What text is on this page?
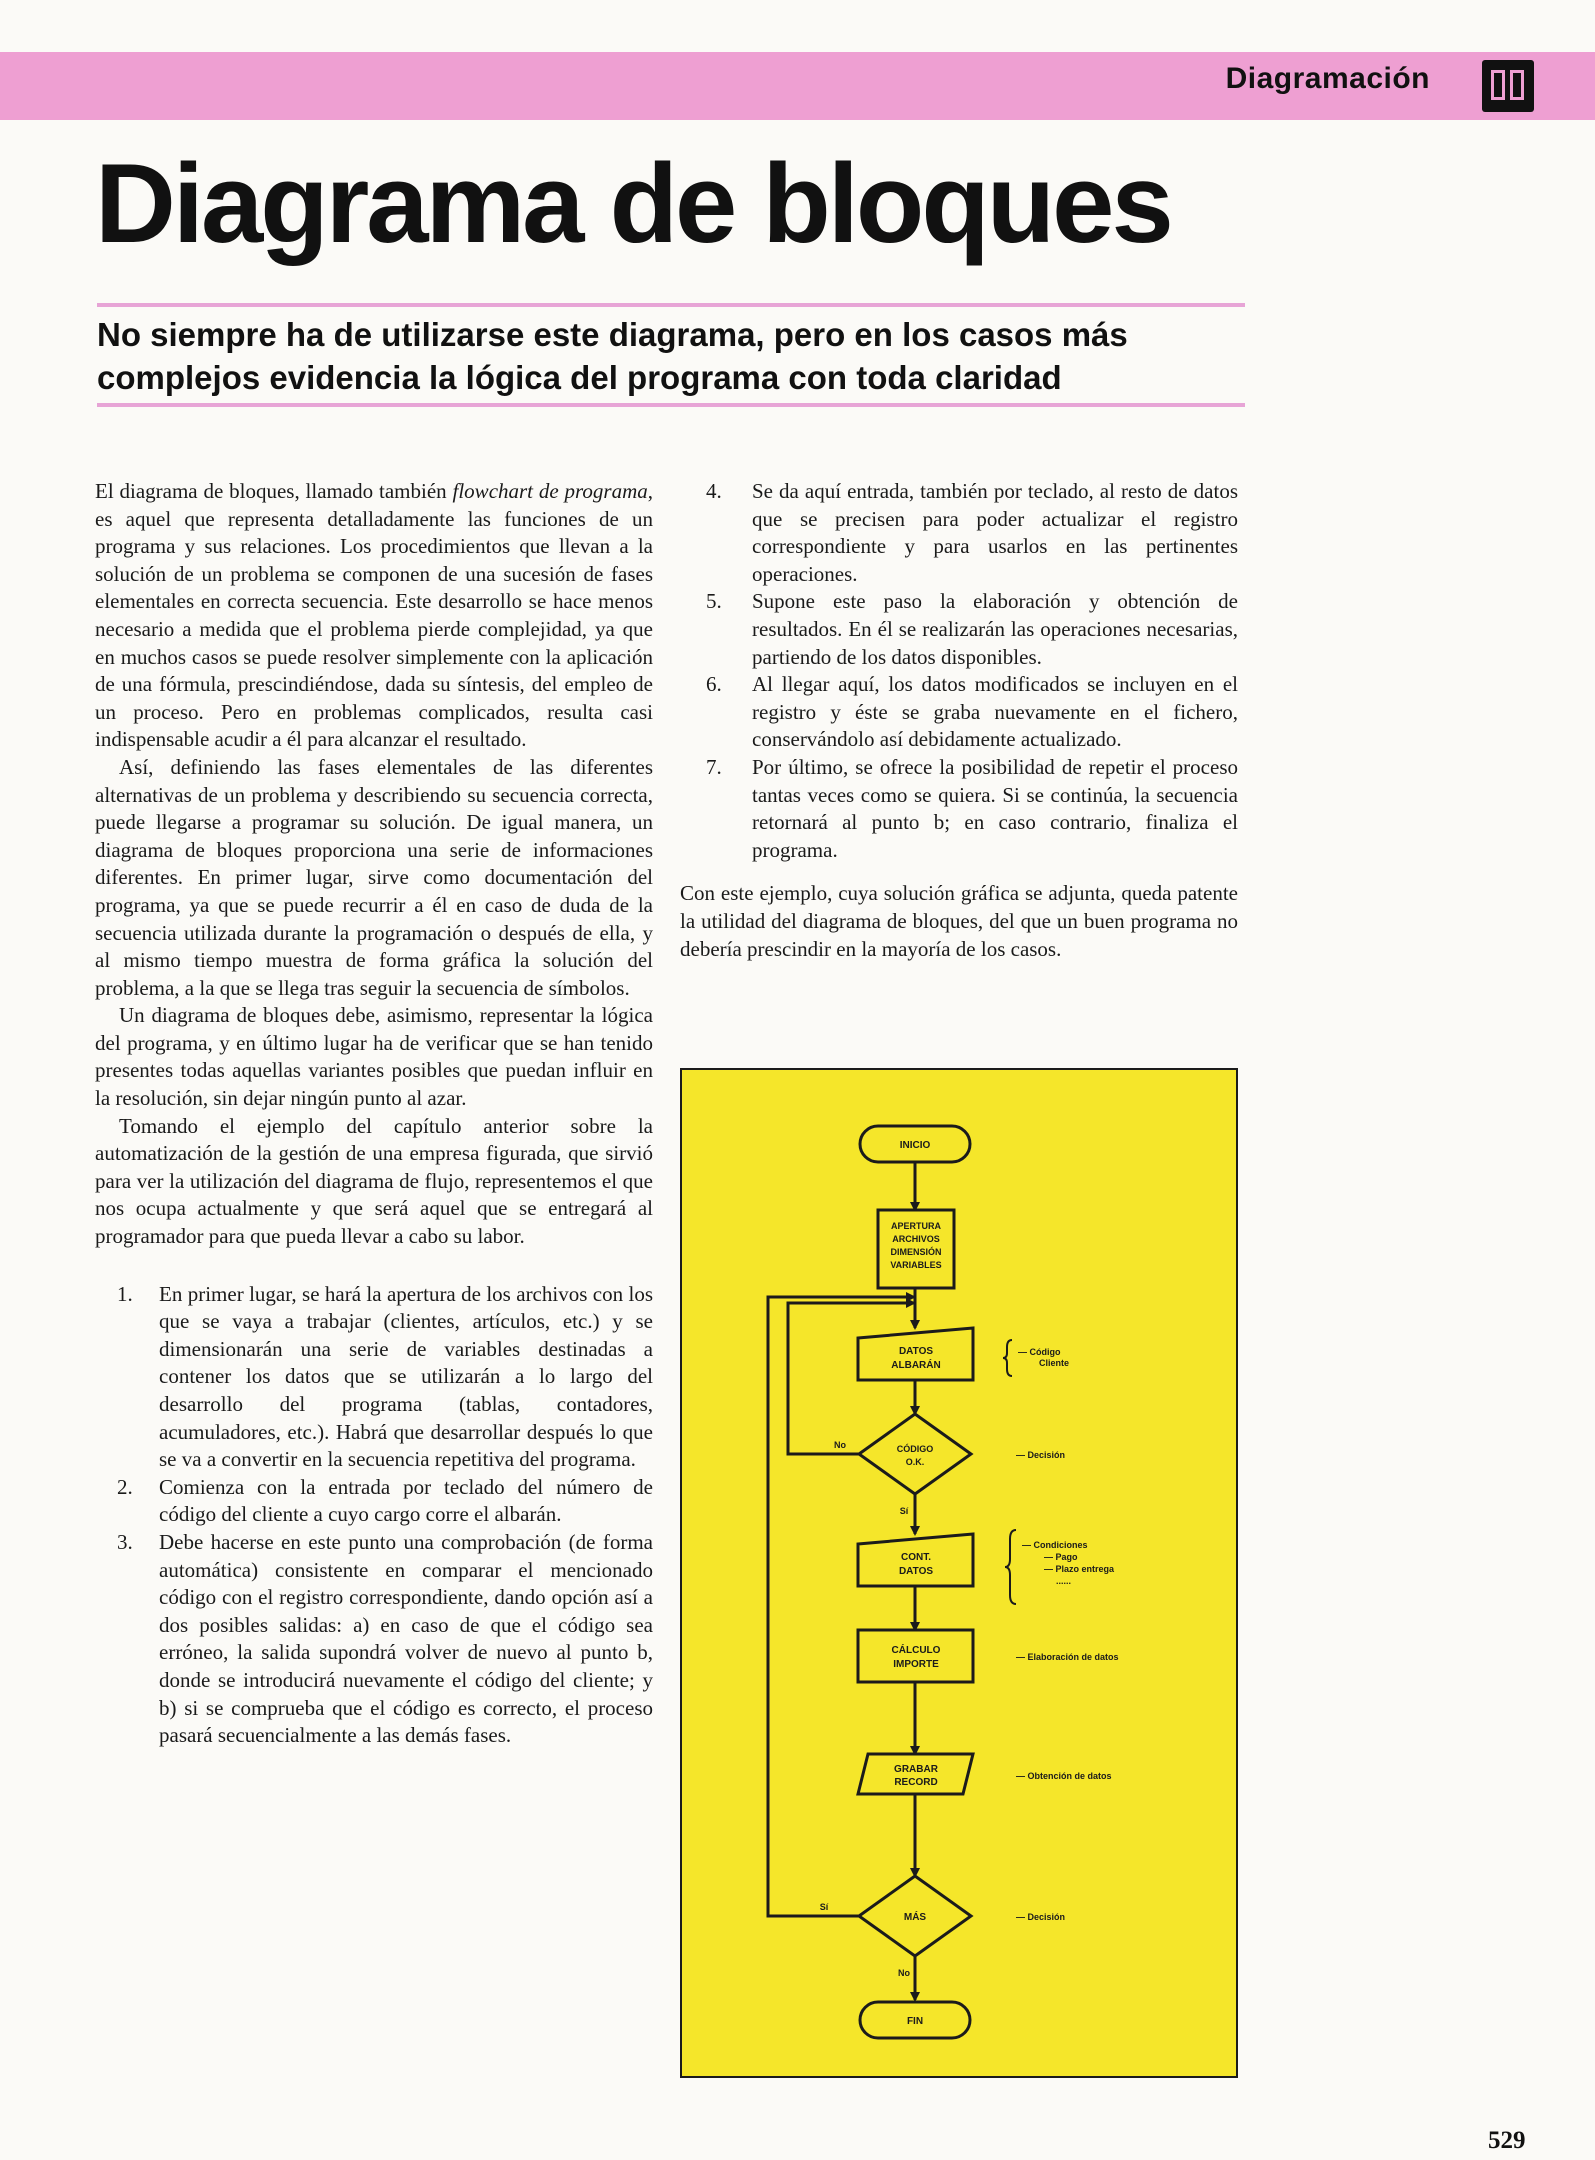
Diagramación
Diagrama de bloques

No siempre ha de utilizarse este diagrama, pero en los casos más complejos evidencia la lógica del programa con toda claridad

El diagrama de bloques, llamado también flowchart de programa, es aquel que representa detalladamente las funciones de un programa y sus relaciones. Los procedimientos que llevan a la solución de un problema se componen de una sucesión de fases elementales en correcta secuencia. Este desarrollo se hace menos necesario a medida que el problema pierde complejidad, ya que en muchos casos se puede resolver simplemente con la aplicación de una fórmula, prescindiéndose, dada su síntesis, del empleo de un proceso. Pero en problemas complicados, resulta casi indispensable acudir a él para alcanzar el resultado.

Así, definiendo las fases elementales de las diferentes alternativas de un problema y describiendo su secuencia correcta, puede llegarse a programar su solución. De igual manera, un diagrama de bloques proporciona una serie de informaciones diferentes. En primer lugar, sirve como documentación del programa, ya que se puede recurrir a él en caso de duda de la secuencia utilizada durante la programación o después de ella, y al mismo tiempo muestra de forma gráfica la solución del problema, a la que se llega tras seguir la secuencia de símbolos.

Un diagrama de bloques debe, asimismo, representar la lógica del programa, y en último lugar ha de verificar que se han tenido presentes todas aquellas variantes posibles que puedan influir en la resolución, sin dejar ningún punto al azar.

Tomando el ejemplo del capítulo anterior sobre la automatización de la gestión de una empresa figurada, que sirvió para ver la utilización del diagrama de flujo, representemos el que nos ocupa actualmente y que será aquel que se entregará al programador para que pueda llevar a cabo su labor.

1. En primer lugar, se hará la apertura de los archivos con los que se vaya a trabajar (clientes, artículos, etc.) y se dimensionarán una serie de variables destinadas a contener los datos que se utilizarán a lo largo del desarrollo del programa (tablas, contadores, acumuladores, etc.). Habrá que desarrollar después lo que se va a convertir en la secuencia repetitiva del programa.
2. Comienza con la entrada por teclado del número de código del cliente a cuyo cargo corre el albarán.
3. Debe hacerse en este punto una comprobación (de forma automática) consistente en comparar el mencionado código con el registro correspondiente, dando opción así a dos posibles salidas: a) en caso de que el código sea erróneo, la salida supondrá volver de nuevo al punto b, donde se introducirá nuevamente el código del cliente; y b) si se comprueba que el código es correcto, el proceso pasará secuencialmente a las demás fases.
4. Se da aquí entrada, también por teclado, al resto de datos que se precisen para poder actualizar el registro correspondiente y para usarlos en las pertinentes operaciones.
5. Supone este paso la elaboración y obtención de resultados. En él se realizarán las operaciones necesarias, partiendo de los datos disponibles.
6. Al llegar aquí, los datos modificados se incluyen en el registro y éste se graba nuevamente en el fichero, conservándolo así debidamente actualizado.
7. Por último, se ofrece la posibilidad de repetir el proceso tantas veces como se quiera. Si se continúa, la secuencia retornará al punto b; en caso contrario, finaliza el programa.

Con este ejemplo, cuya solución gráfica se adjunta, queda patente la utilidad del diagrama de bloques, del que un buen programa no debería prescindir en la mayoría de los casos.

INICIO
APERTURA
ARCHIVOS
DIMENSIÓN
VARIABLES
DATOS
ALBARÁN
CÓDIGO
O.K.
CONT.
DATOS
CÁLCULO
IMPORTE
GRABAR
RECORD
MÁS
FIN
No
Sí
Sí
No
— Código
Cliente
— Decisión
— Condiciones
— Pago
— Plazo entrega
......
— Elaboración de datos
— Obtención de datos
— Decisión
529
